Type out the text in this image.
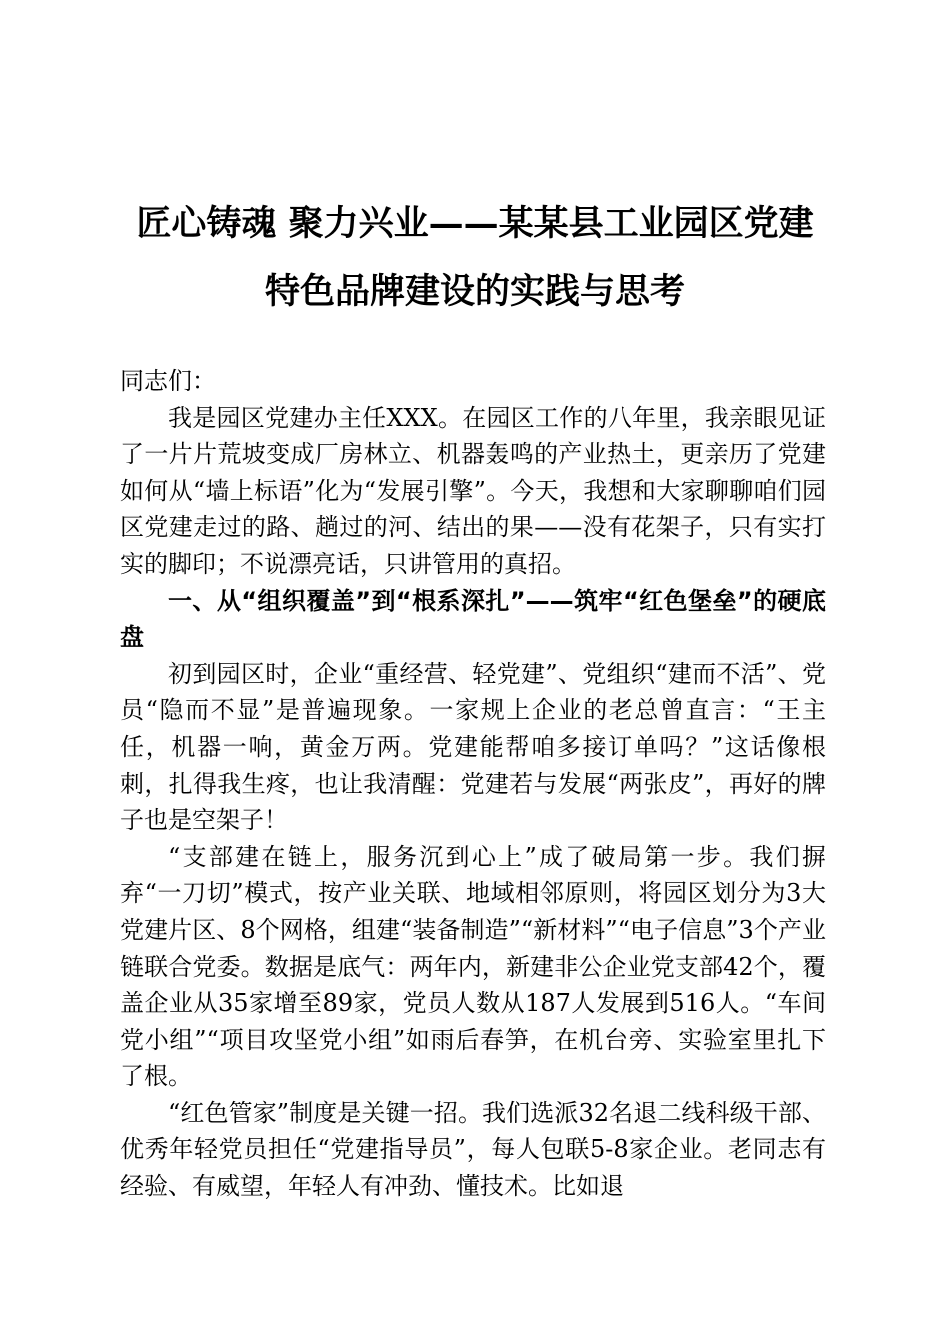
匠心铸魂 聚力兴业——某某县工业园区党建
特色品牌建设的实践与思考

同志们：

我是园区党建办主任XXX。在园区工作的八年里，我亲眼见证了一片片荒坡变成厂房林立、机器轰鸣的产业热土，更亲历了党建如何从“墙上标语”化为“发展引擎”。今天，我想和大家聊聊咱们园区党建走过的路、趟过的河、结出的果——没有花架子，只有实打实的脚印；不说漂亮话，只讲管用的真招。

一、从“组织覆盖”到“根系深扎”——筑牢“红色堡垒”的硬底盘

初到园区时，企业“重经营、轻党建”、党组织“建而不活”、党员“隐而不显”是普遍现象。一家规上企业的老总曾直言：“王主任，机器一响，黄金万两。党建能帮咱多接订单吗？”这话像根刺，扎得我生疼，也让我清醒：党建若与发展“两张皮”，再好的牌子也是空架子！

“支部建在链上，服务沉到心上”成了破局第一步。我们摒弃“一刀切”模式，按产业关联、地域相邻原则，将园区划分为3大党建片区、8个网格，组建“装备制造”“新材料”“电子信息”3个产业链联合党委。数据是底气：两年内，新建非公企业党支部42个，覆盖企业从35家增至89家，党员人数从187人发展到516人。“车间党小组”“项目攻坚党小组”如雨后春笋，在机台旁、实验室里扎下了根。

“红色管家”制度是关键一招。我们选派32名退二线科级干部、优秀年轻党员担任“党建指导员”，每人包联5-8家企业。老同志有经验、有威望，年轻人有冲劲、懂技术。比如退
